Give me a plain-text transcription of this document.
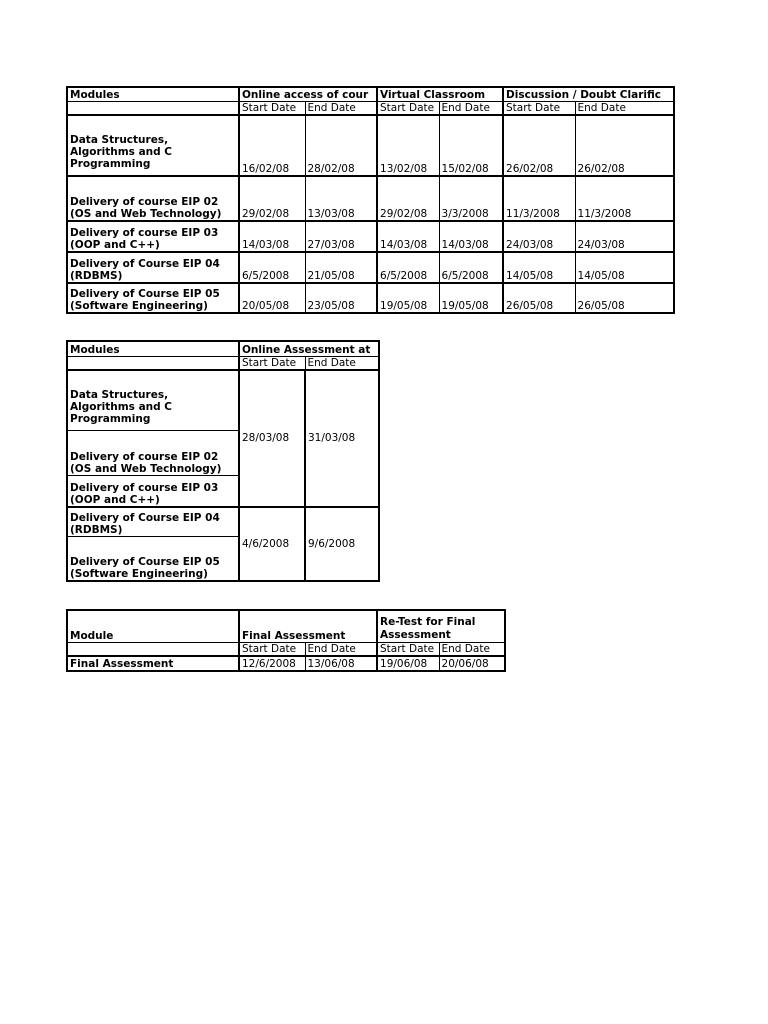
Modules	Online access of cour		Virtual Classroom		Discussion / Doubt Clarific	
	Start Date	End Date	Start Date	End Date	Start Date	End Date
Data Structures, Algorithms and C Programming	16/02/08	28/02/08	13/02/08	15/02/08	26/02/08	26/02/08
Delivery of course EIP 02 (OS and Web Technology)	29/02/08	13/03/08	29/02/08	3/3/2008	11/3/2008	11/3/2008
Delivery of course EIP 03 (OOP and C++)	14/03/08	27/03/08	14/03/08	14/03/08	24/03/08	24/03/08
Delivery of Course EIP 04 (RDBMS)	6/5/2008	21/05/08	6/5/2008	6/5/2008	14/05/08	14/05/08
Delivery of Course EIP 05 (Software Engineering)	20/05/08	23/05/08	19/05/08	19/05/08	26/05/08	26/05/08
Modules	Online Assessment at	
	Start Date	End Date
Data Structures, Algorithms and C Programming	28/03/08	31/03/08
Delivery of course EIP 02 (OS and Web Technology)		
Delivery of course EIP 03 (OOP and C++)		
Delivery of Course EIP 04 (RDBMS)	4/6/2008	9/6/2008
Delivery of Course EIP 05 (Software Engineering)		
Module	Final Assessment		Re-Test for Final Assessment	
	Start Date	End Date	Start Date	End Date
Final Assessment	12/6/2008	13/06/08	19/06/08	20/06/08
